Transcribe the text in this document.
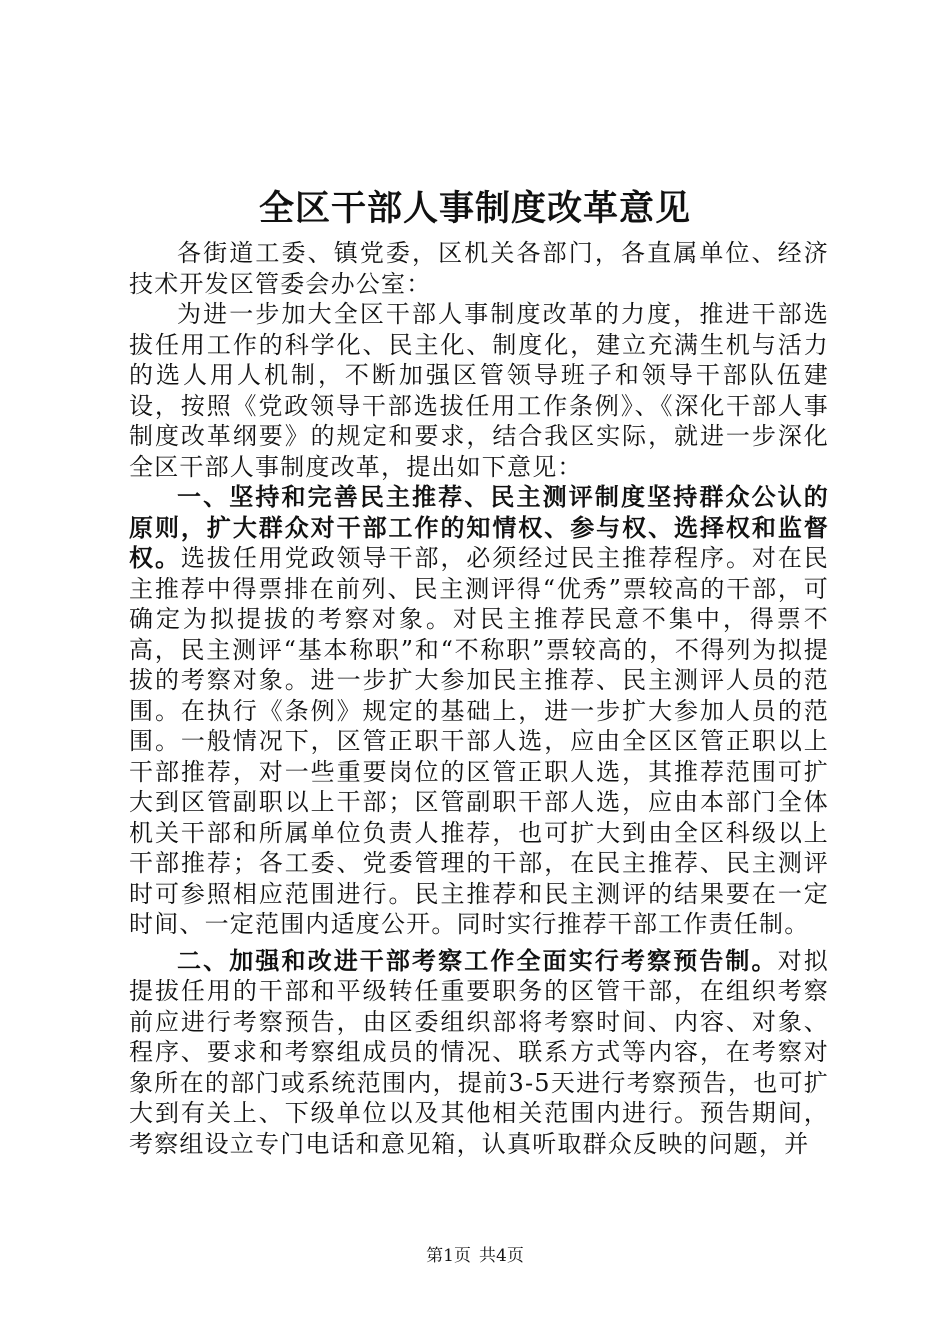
全区干部人事制度改革意见

各街道工委、镇党委，区机关各部门，各直属单位、经济技术开发区管委会办公室：

为进一步加大全区干部人事制度改革的力度，推进干部选拔任用工作的科学化、民主化、制度化，建立充满生机与活力的选人用人机制，不断加强区管领导班子和领导干部队伍建设，按照《党政领导干部选拔任用工作条例》、《深化干部人事制度改革纲要》的规定和要求，结合我区实际，就进一步深化全区干部人事制度改革，提出如下意见：

一、坚持和完善民主推荐、民主测评制度坚持群众公认的原则，扩大群众对干部工作的知情权、参与权、选择权和监督权。选拔任用党政领导干部，必须经过民主推荐程序。对在民主推荐中得票排在前列、民主测评得“优秀”票较高的干部，可确定为拟提拔的考察对象。对民主推荐民意不集中，得票不高，民主测评“基本称职”和“不称职”票较高的，不得列为拟提拔的考察对象。进一步扩大参加民主推荐、民主测评人员的范围。在执行《条例》规定的基础上，进一步扩大参加人员的范围。一般情况下，区管正职干部人选，应由全区区管正职以上干部推荐，对一些重要岗位的区管正职人选，其推荐范围可扩大到区管副职以上干部；区管副职干部人选，应由本部门全体机关干部和所属单位负责人推荐，也可扩大到由全区科级以上干部推荐；各工委、党委管理的干部，在民主推荐、民主测评时可参照相应范围进行。民主推荐和民主测评的结果要在一定时间、一定范围内适度公开。同时实行推荐干部工作责任制。

二、加强和改进干部考察工作全面实行考察预告制。对拟提拔任用的干部和平级转任重要职务的区管干部，在组织考察前应进行考察预告，由区委组织部将考察时间、内容、对象、程序、要求和考察组成员的情况、联系方式等内容，在考察对象所在的部门或系统范围内，提前3-5天进行考察预告，也可扩大到有关上、下级单位以及其他相关范围内进行。预告期间，考察组设立专门电话和意见箱，认真听取群众反映的问题，并

第1页 共4页
